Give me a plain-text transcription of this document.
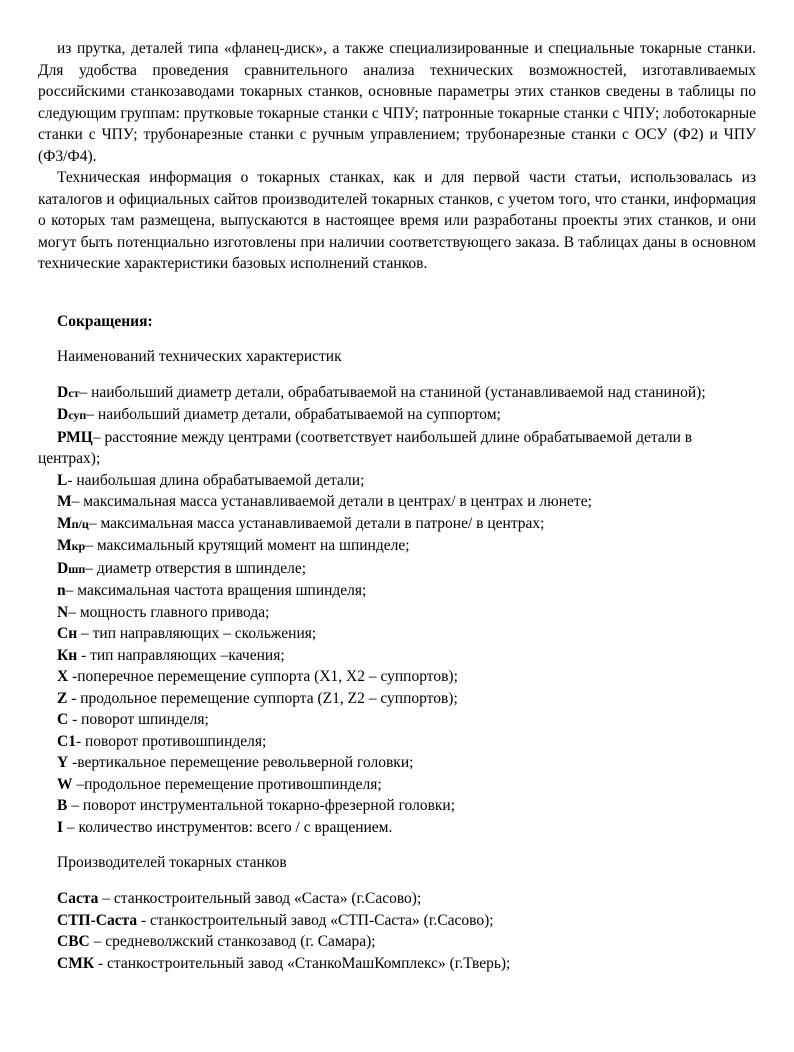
из прутка, деталей типа «фланец-диск», а также специализированные и специальные токарные станки. Для удобства проведения сравнительного анализа технических возможностей, изготавливаемых российскими станкозаводами токарных станков, основные параметры этих станков сведены в таблицы по следующим группам: прутковые токарные станки с ЧПУ; патронные токарные станки с ЧПУ; лоботокарные станки с ЧПУ; трубонарезные станки с ручным управлением; трубонарезные станки с ОСУ (Ф2) и ЧПУ (Ф3/Ф4).

Техническая информация о токарных станках, как и для первой части статьи, использовалась из каталогов и официальных сайтов производителей токарных станков, с учетом того, что станки, информация о которых там размещена, выпускаются в настоящее время или разработаны проекты этих станков, и они могут быть потенциально изготовлены при наличии соответствующего заказа. В таблицах даны в основном технические характеристики базовых исполнений станков.

Сокращения:

Наименований технических характеристик

Dст– наибольший диаметр детали, обрабатываемой на станиной (устанавливаемой над станиной);

Dсуп– наибольший диаметр детали, обрабатываемой на суппортом;

РМЦ– расстояние между центрами (соответствует наибольшей длине обрабатываемой детали в центрах);

L- наибольшая длина обрабатываемой детали;

M– максимальная масса устанавливаемой детали в центрах/ в центрах и люнете;

Mп/ц– максимальная масса устанавливаемой детали в патроне/ в центрах;

Mкр– максимальный крутящий момент на шпинделе;

Dшп– диаметр отверстия в шпинделе;

n– максимальная частота вращения шпинделя;

N– мощность главного привода;

Cн – тип направляющих – скольжения;

Кн - тип направляющих –качения;

X -поперечное перемещение суппорта (X1, X2 – суппортов);

Z - продольное перемещение суппорта (Z1, Z2 – суппортов);

C - поворот шпинделя;

C1- поворот противошпинделя;

Y -вертикальное перемещение револьверной головки;

W –продольное перемещение противошпинделя;

B – поворот инструментальной токарно-фрезерной головки;

I – количество инструментов: всего / с вращением.

Производителей токарных станков

Саста – станкостроительный завод «Саста» (г.Сасово);

СТП-Саста - станкостроительный завод «СТП-Саста» (г.Сасово);

СВС – средневолжский станкозавод (г. Самара);

СМК - станкостроительный завод «СтанкоМашКомплекс» (г.Тверь);
